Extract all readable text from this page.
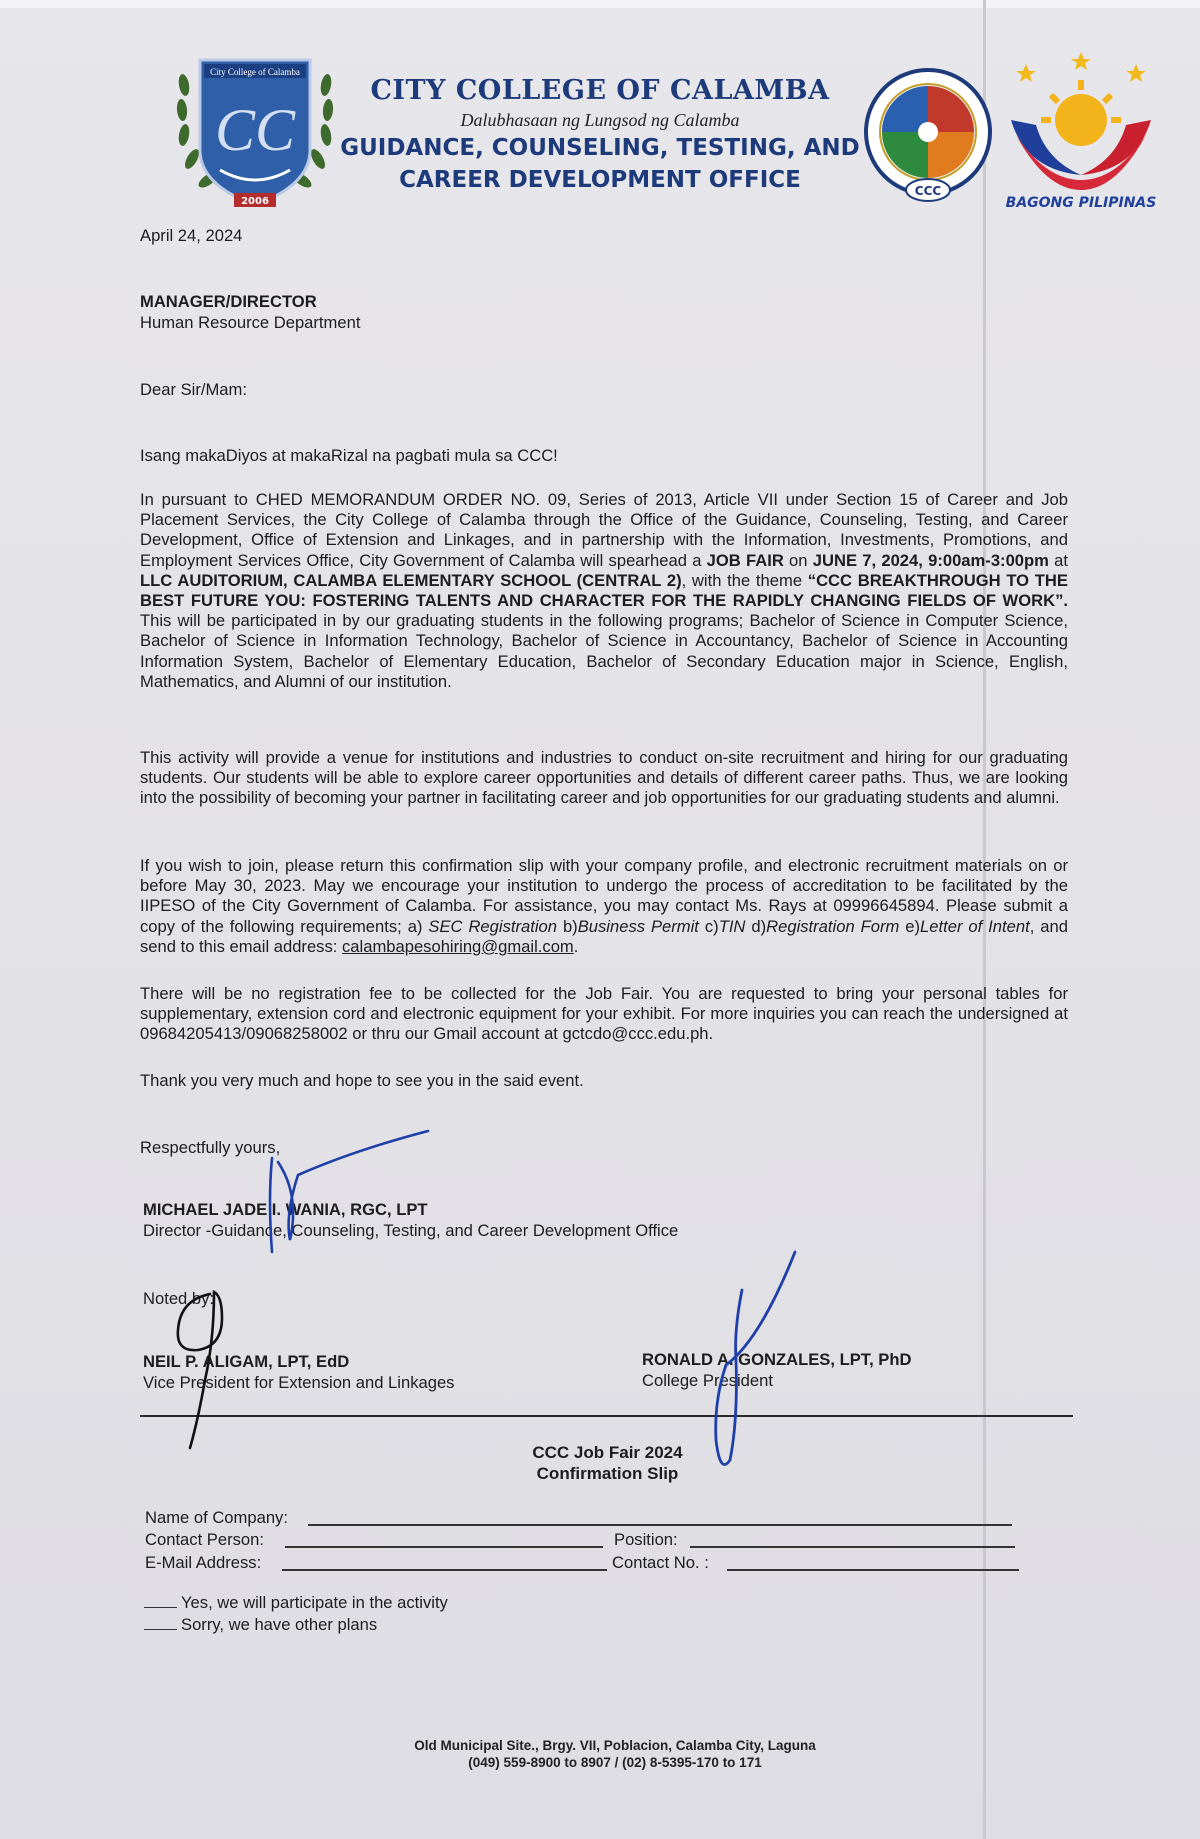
City College of Calamba
CC
2006
CITY COLLEGE OF CALAMBA
Dalubhasaan ng Lungsod ng Calamba
GUIDANCE, COUNSELING, TESTING, AND
CAREER DEVELOPMENT OFFICE	CCC
BAGONG PILIPINAS
April 24, 2024
MANAGER/DIRECTOR
Human Resource Department
Dear Sir/Mam:
Isang makaDiyos at makaRizal na pagbati mula sa CCC!
In pursuant to CHED MEMORANDUM ORDER NO. 09, Series of 2013, Article VII under Section 15 of Career and Job Placement Services, the City College of Calamba through the Office of the Guidance, Counseling, Testing, and Career Development, Office of Extension and Linkages, and in partnership with the Information, Investments, Promotions, and Employment Services Office, City Government of Calamba will spearhead a JOB FAIR on JUNE 7, 2024, 9:00am-3:00pm at LLC AUDITORIUM, CALAMBA ELEMENTARY SCHOOL (CENTRAL 2), with the theme “CCC BREAKTHROUGH TO THE BEST FUTURE YOU: FOSTERING TALENTS AND CHARACTER FOR THE RAPIDLY CHANGING FIELDS OF WORK”. This will be participated in by our graduating students in the following programs; Bachelor of Science in Computer Science, Bachelor of Science in Information Technology, Bachelor of Science in Accountancy, Bachelor of Science in Accounting Information System, Bachelor of Elementary Education, Bachelor of Secondary Education major in Science, English, Mathematics, and Alumni of our institution.
This activity will provide a venue for institutions and industries to conduct on-site recruitment and hiring for our graduating students. Our students will be able to explore career opportunities and details of different career paths. Thus, we are looking into the possibility of becoming your partner in facilitating career and job opportunities for our graduating students and alumni.
If you wish to join, please return this confirmation slip with your company profile, and electronic recruitment materials on or before May 30, 2023. May we encourage your institution to undergo the process of accreditation to be facilitated by the IIPESO of the City Government of Calamba. For assistance, you may contact Ms. Rays at 09996645894. Please submit a copy of the following requirements; a) SEC Registration b)Business Permit c)TIN d)Registration Form e)Letter of Intent, and send to this email address: calambapesohiring@gmail.com.
There will be no registration fee to be collected for the Job Fair. You are requested to bring your personal tables for supplementary, extension cord and electronic equipment for your exhibit. For more inquiries you can reach the undersigned at 09684205413/09068258002 or thru our Gmail account at gctcdo@ccc.edu.ph.
Thank you very much and hope to see you in the said event.
Respectfully yours,
MICHAEL JADE I. WANIA, RGC, LPT
Director -Guidance, Counseling, Testing, and Career Development Office
Noted by:
NEIL P. ALIGAM, LPT, EdD
Vice President for Extension and Linkages
RONALD A. GONZALES, LPT, PhD
College President
CCC Job Fair 2024
Confirmation Slip
Name of Company:
Contact Person:	Position:
E-Mail Address:	Contact No. :
Yes, we will participate in the activity
Sorry, we have other plans
Old Municipal Site., Brgy. VII, Poblacion, Calamba City, Laguna
(049) 559-8900 to 8907 / (02) 8-5395-170 to 171
